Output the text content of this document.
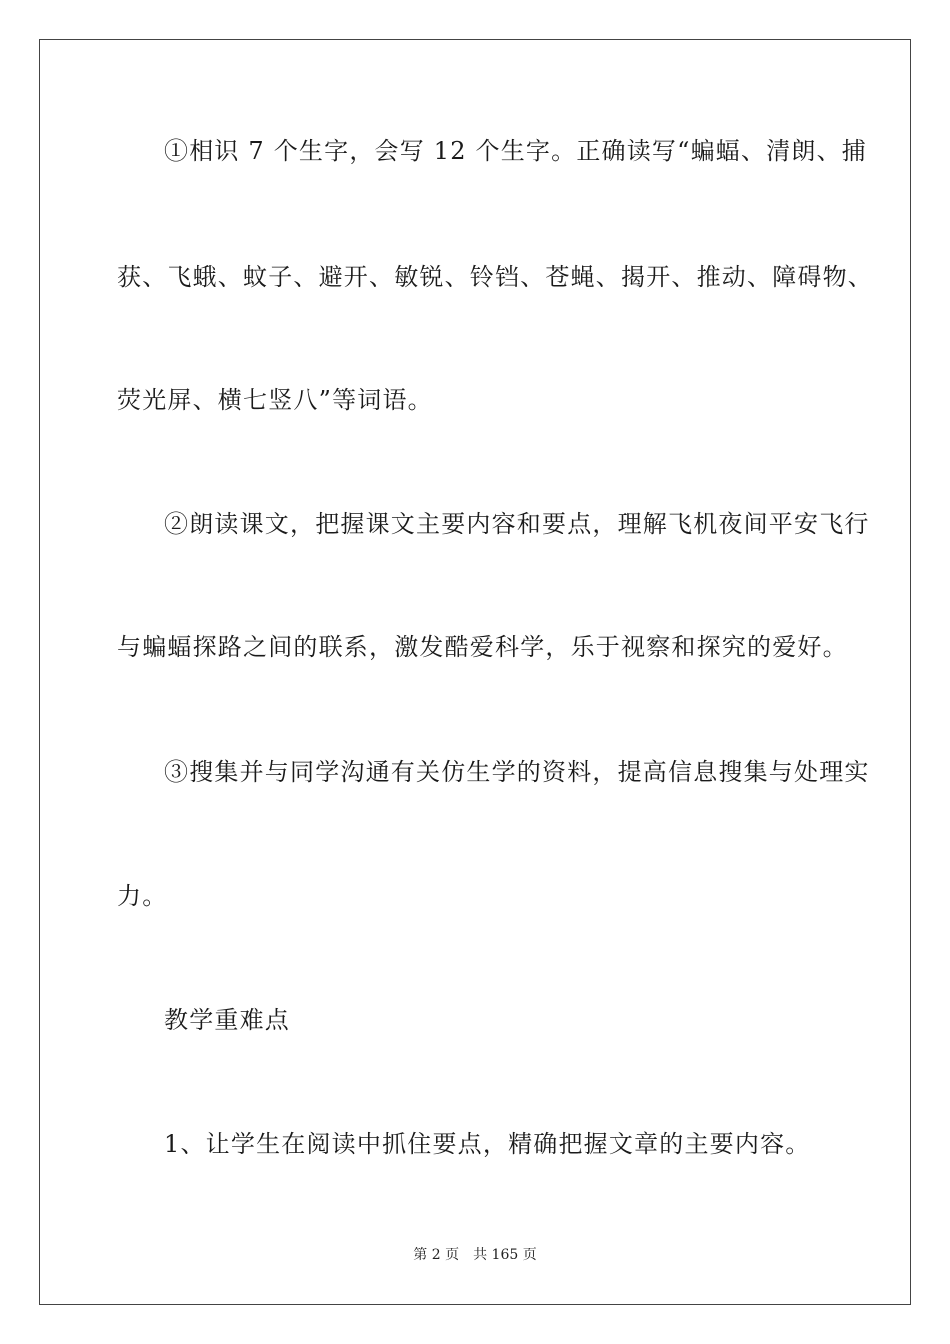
①相识 7 个生字，会写 12 个生字。正确读写“蝙蝠、清朗、捕
获、飞蛾、蚊子、避开、敏锐、铃铛、苍蝇、揭开、推动、障碍物、
荧光屏、横七竖八”等词语。
②朗读课文，把握课文主要内容和要点，理解飞机夜间平安飞行
与蝙蝠探路之间的联系，激发酷爱科学，乐于视察和探究的爱好。
③搜集并与同学沟通有关仿生学的资料，提高信息搜集与处理实
力。
教学重难点
1、让学生在阅读中抓住要点，精确把握文章的主要内容。
第 2 页 共 165 页
